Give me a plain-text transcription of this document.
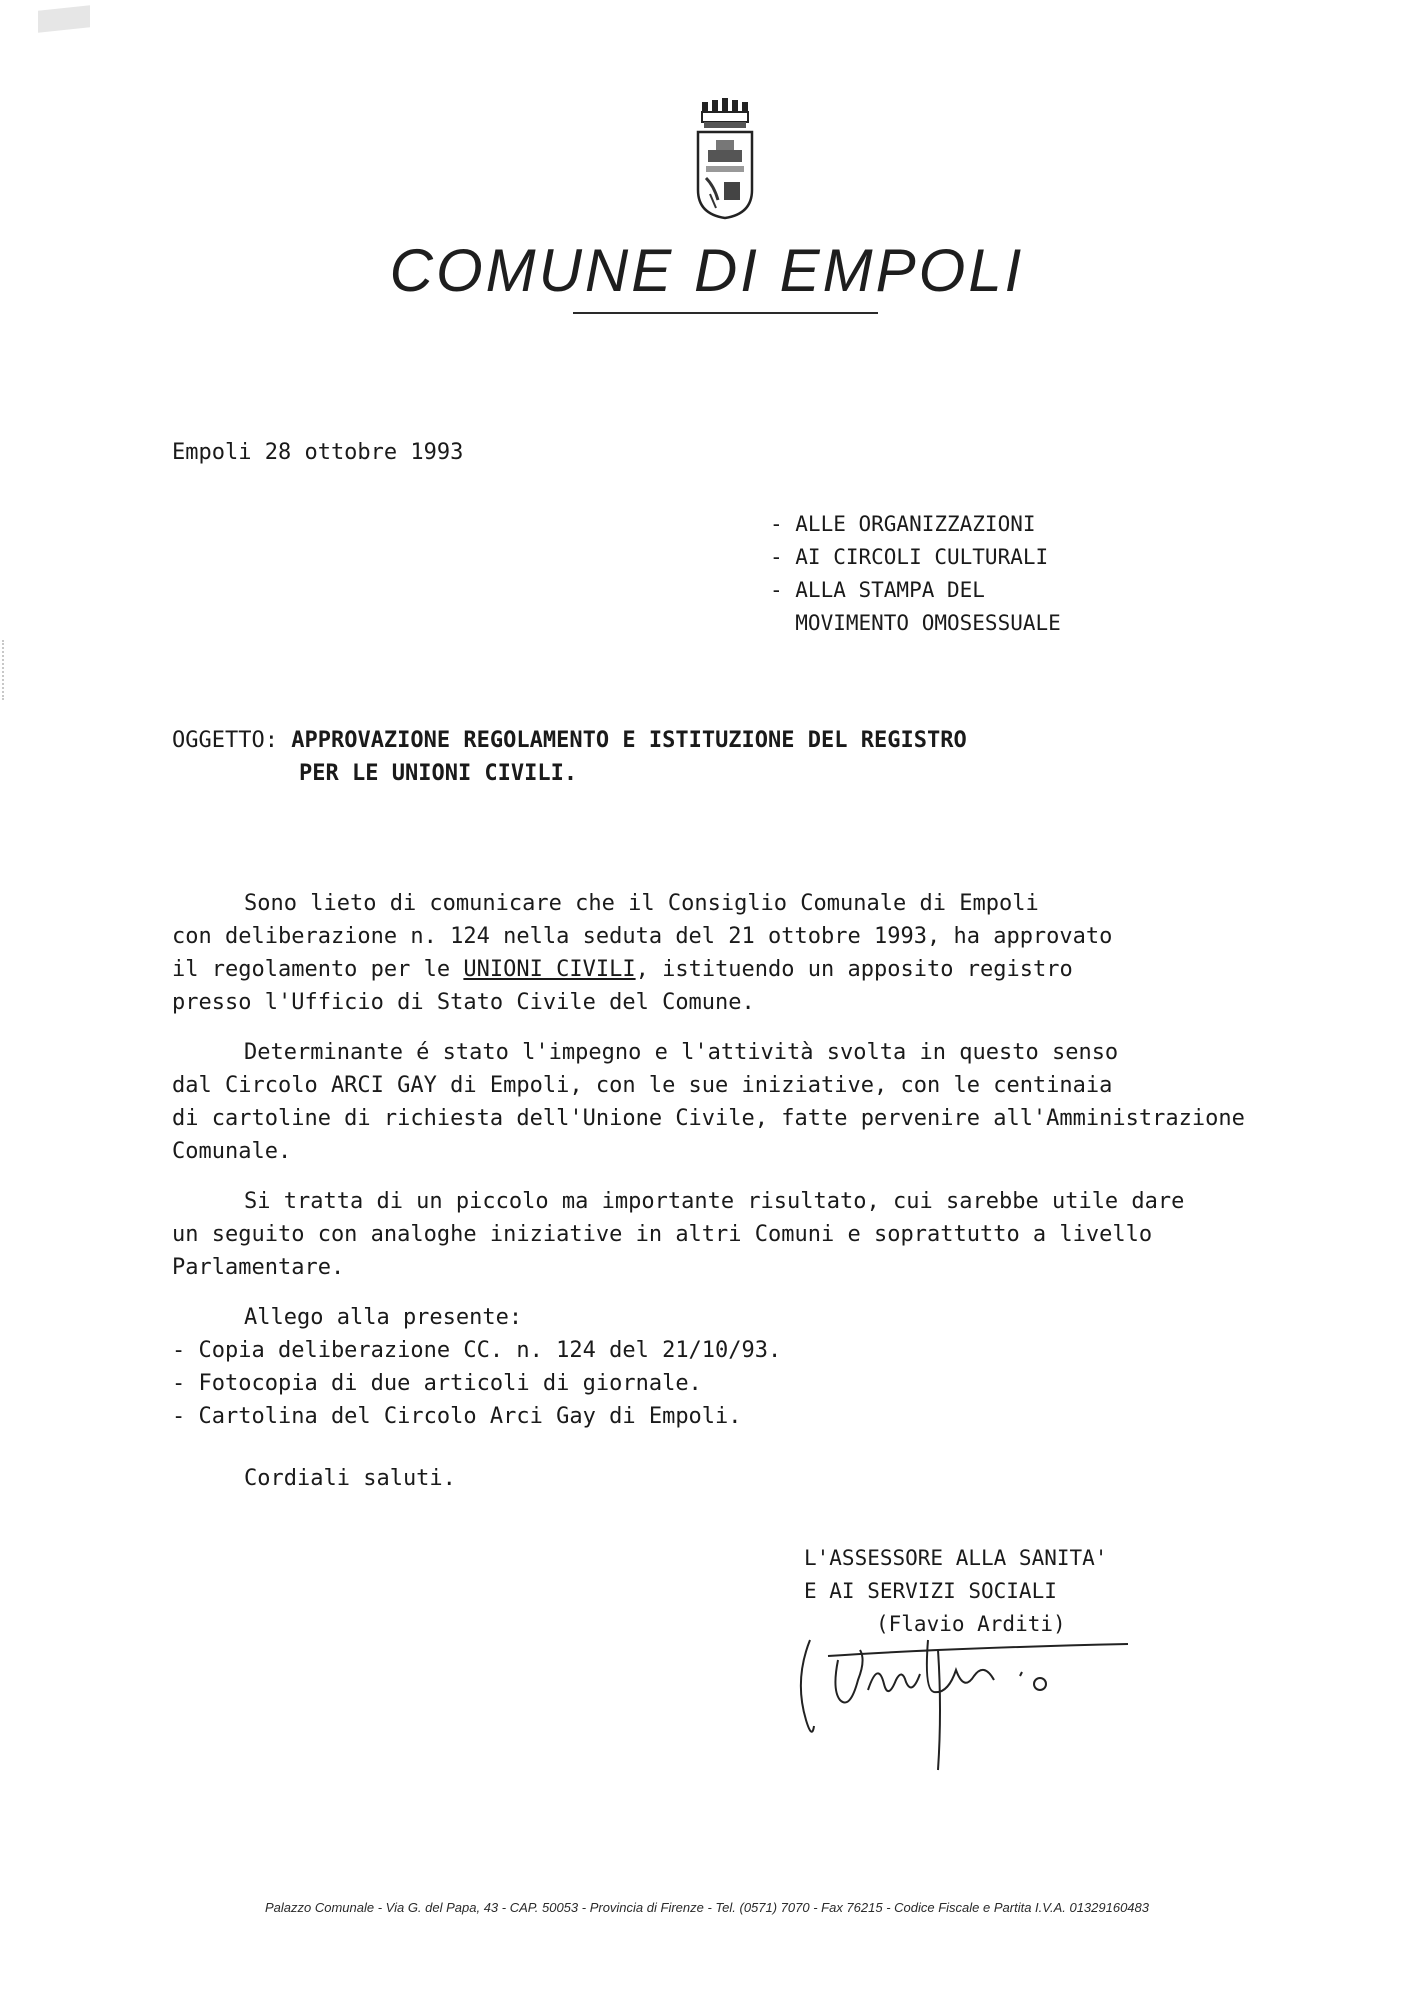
COMUNE DI EMPOLI
Empoli 28 ottobre 1993
- ALLE ORGANIZZAZIONI
- AI CIRCOLI CULTURALI
- ALLA STAMPA DEL
MOVIMENTO OMOSESSUALE
OGGETTO: APPROVAZIONE REGOLAMENTO E ISTITUZIONE DEL REGISTRO
PER LE UNIONI CIVILI.
Sono lieto di comunicare che il Consiglio Comunale di Empoli
con deliberazione n. 124 nella seduta del 21 ottobre 1993, ha approvato
il regolamento per le UNIONI CIVILI, istituendo un apposito registro
presso l'Ufficio di Stato Civile del Comune.
Determinante é stato l'impegno e l'attività svolta in questo senso
dal Circolo ARCI GAY di Empoli, con le sue iniziative, con le centinaia
di cartoline di richiesta dell'Unione Civile, fatte pervenire all'Amministrazione
Comunale.
Si tratta di un piccolo ma importante risultato, cui sarebbe utile dare
un seguito con analoghe iniziative in altri Comuni e soprattutto a livello
Parlamentare.
Allego alla presente:
- Copia deliberazione CC. n. 124 del 21/10/93.
- Fotocopia di due articoli di giornale.
- Cartolina del Circolo Arci Gay di Empoli.
Cordiali saluti.
L'ASSESSORE ALLA SANITA'
E AI SERVIZI SOCIALI
(Flavio Arditi)
Palazzo Comunale - Via G. del Papa, 43 - CAP. 50053 - Provincia di Firenze - Tel. (0571) 7070 - Fax 76215 - Codice Fiscale e Partita I.V.A. 01329160483
